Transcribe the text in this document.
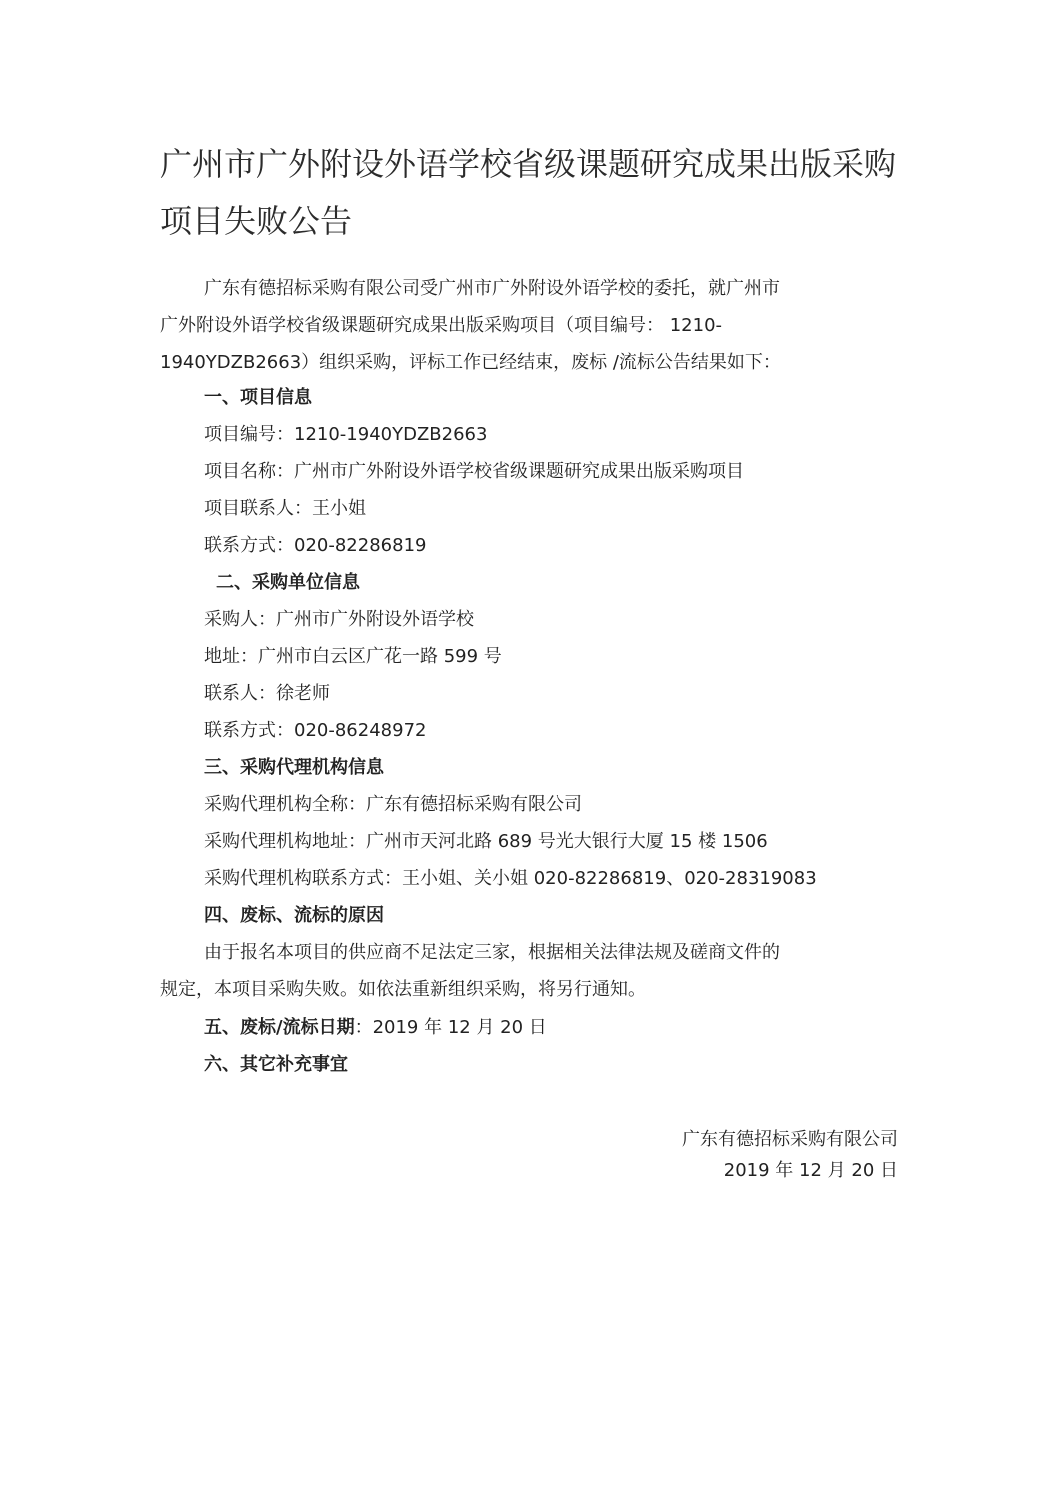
广州市广外附设外语学校省级课题研究成果出版采购
项目失败公告
广东有德招标采购有限公司受广州市广外附设外语学校的委托，就广州市
广外附设外语学校省级课题研究成果出版采购项目（项目编号： 1210-
1940YDZB2663）组织采购，评标工作已经结束，废标 /流标公告结果如下：
一、项目信息
项目编号：1210-1940YDZB2663
项目名称：广州市广外附设外语学校省级课题研究成果出版采购项目
项目联系人：王小姐
联系方式：020-82286819
二、采购单位信息
采购人：广州市广外附设外语学校
地址：广州市白云区广花一路 599 号
联系人：徐老师
联系方式：020-86248972
三、采购代理机构信息
采购代理机构全称：广东有德招标采购有限公司
采购代理机构地址：广州市天河北路 689 号光大银行大厦 15 楼 1506
采购代理机构联系方式：王小姐、关小姐 020-82286819、020-28319083
四、废标、流标的原因
由于报名本项目的供应商不足法定三家，根据相关法律法规及磋商文件的
规定，本项目采购失败。如依法重新组织采购，将另行通知。
五、废标/流标日期：2019 年 12 月 20 日
六、其它补充事宜
广东有德招标采购有限公司
2019 年 12 月 20 日
